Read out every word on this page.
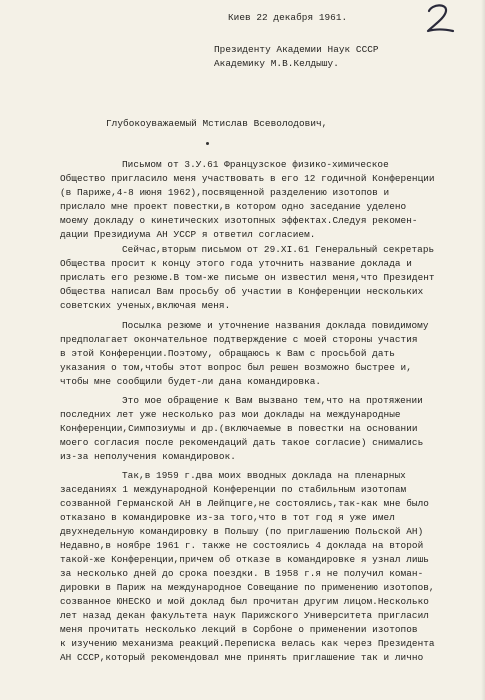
Киев 22 декабря 1961.
Президенту Академии Наук СССР
Академику М.В.Келдышу.
Глубокоуважаемый Мстислав Всеволодович,
Письмом от 3.У.61 Французское физико-химическое
Общество пригласило меня участвовать в его 12 годичной Конференции
(в Париже,4-8 июня 1962),посвященной разделению изотопов и
прислало мне проект повестки,в котором одно заседание уделено
моему докладу о кинетических изотопных эффектах.Следуя рекомен-
дации Президиума АН УССР я ответил согласием.
Сейчас,вторым письмом от 29.XI.61 Генеральный секретарь
Общества просит к концу этого года уточнить название доклада и
прислать его резюме.В том-же письме он известил меня,что Президент
Общества написал Вам просьбу об участии в Конференции нескольких
советских ученых,включая меня.
Посылка резюме и уточнение названия доклада повидимому
предполагает окончательное подтверждение с моей стороны участия
в этой Конференции.Поэтому, обращаюсь к Вам с просьбой дать
указания о том,чтобы этот вопрос был решен возможно быстрее и,
чтобы мне сообщили будет-ли дана командировка.
Это мое обращение к Вам вызвано тем,что на протяжении
последних лет уже несколько раз мои доклады на международные
Конференции,Симпозиумы и др.(включаемые в повестки на основании
моего согласия после рекомендаций дать такое согласие) снимались
из-за неполучения командировок.
Так,в 1959 г.два моих вводных доклада на пленарных
заседаниях 1 международной Конференции по стабильным изотопам
созванной Германской АН в Лейпциге,не состоялись,так-как мне было
отказано в командировке из-за того,что в тот год я уже имел
двухнедельную командировку в Польшу (по приглашению Польской АН)
Недавно,в ноябре 1961 г. также не состоялись 4 доклада на второй
такой-же Конференции,причем об отказе в командировке я узнал лишь
за несколько дней до срока поездки. В 1958 г.я не получил коман-
дировки в Париж на международное Совещание по применению изотопов,
созванное ЮНЕСКО и мой доклад был прочитан другим лицом.Несколько
лет назад декан факультета наук Парижского Университета пригласил
меня прочитать несколько лекций в Сорбоне о применении изотопов
к изучению механизма реакций.Переписка велась как через Президента
АН СССР,который рекомендовал мне принять приглашение так и лично
